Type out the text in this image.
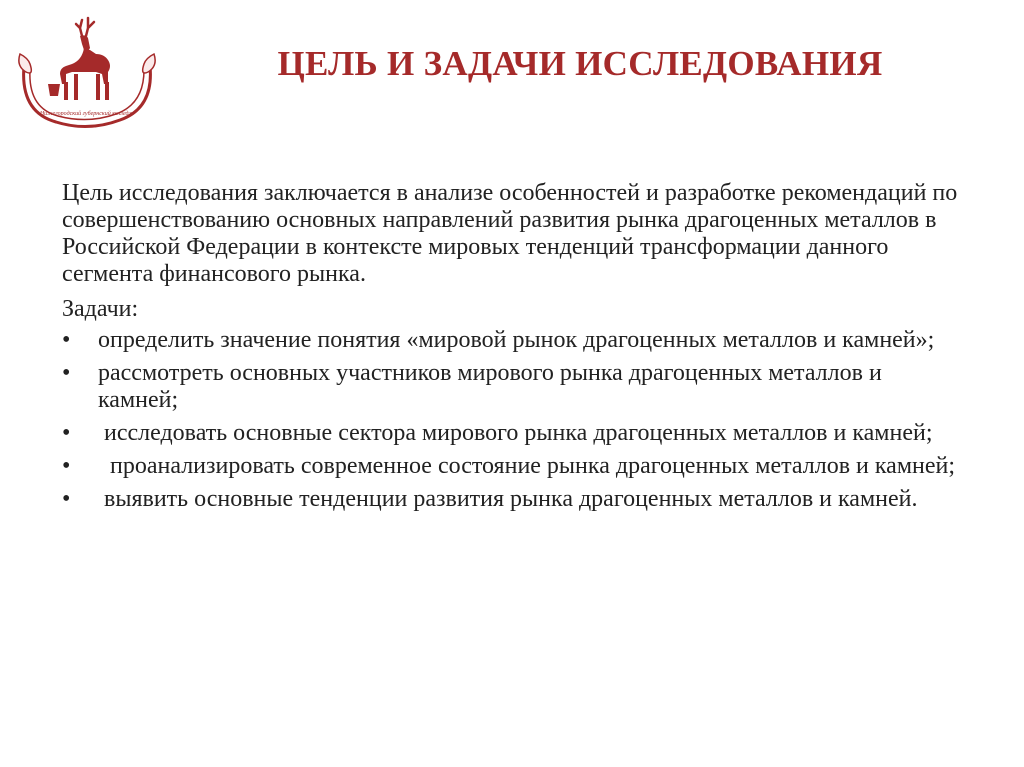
Нижегородский губернский колледж
ЦЕЛЬ И ЗАДАЧИ ИССЛЕДОВАНИЯ

Цель исследования заключается в анализе особенностей и разработке рекомендаций по совершенствованию основных направлений развития рынка драгоценных металлов в Российской Федерации в контексте мировых тенденций трансформации данного сегмента финансового рынка.

Задачи:
• определить значение понятия «мировой рынок драгоценных металлов и камней»;
• рассмотреть основных участников мирового рынка драгоценных металлов и камней;
• исследовать основные сектора мирового рынка драгоценных металлов и камней;
• проанализировать современное состояние рынка драгоценных металлов и камней;
• выявить основные тенденции развития рынка драгоценных металлов и камней.
